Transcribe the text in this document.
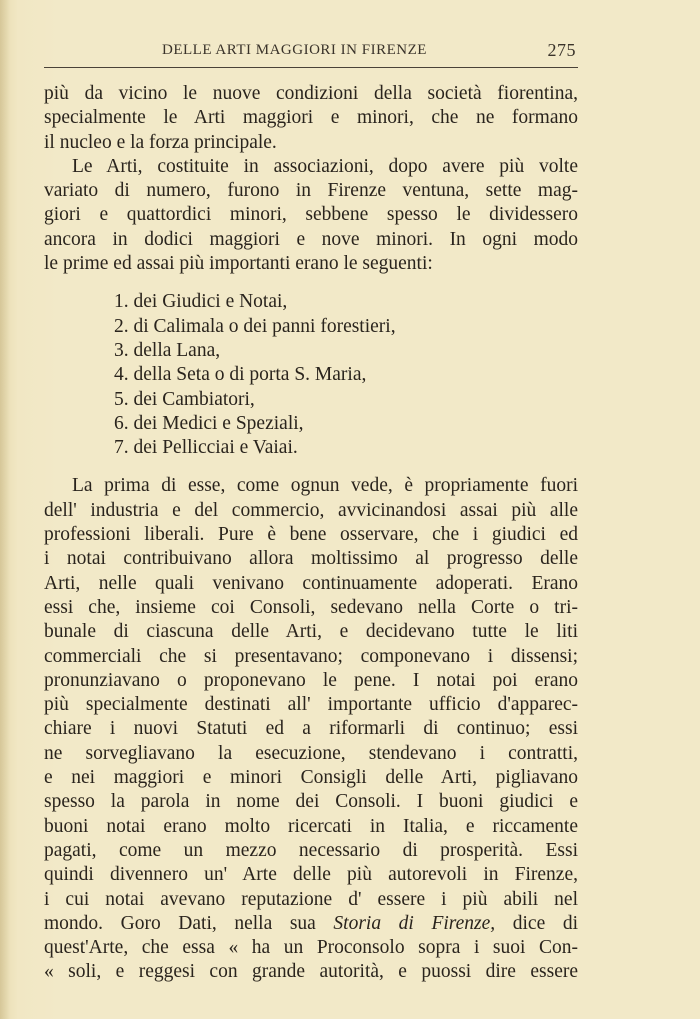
DELLE ARTI MAGGIORI IN FIRENZE	275
più da vicino le nuove condizioni della società fiorentina,
specialmente le Arti maggiori e minori, che ne formano
il nucleo e la forza principale.
Le Arti, costituite in associazioni, dopo avere più volte
variato di numero, furono in Firenze ventuna, sette mag-
giori e quattordici minori, sebbene spesso le dividessero
ancora in dodici maggiori e nove minori. In ogni modo
le prime ed assai più importanti erano le seguenti:
1. dei Giudici e Notai,
2. di Calimala o dei panni forestieri,
3. della Lana,
4. della Seta o di porta S. Maria,
5. dei Cambiatori,
6. dei Medici e Speziali,
7. dei Pellicciai e Vaiai.
La prima di esse, come ognun vede, è propriamente fuori
dell' industria e del commercio, avvicinandosi assai più alle
professioni liberali. Pure è bene osservare, che i giudici ed
i notai contribuivano allora moltissimo al progresso delle
Arti, nelle quali venivano continuamente adoperati. Erano
essi che, insieme coi Consoli, sedevano nella Corte o tri-
bunale di ciascuna delle Arti, e decidevano tutte le liti
commerciali che si presentavano; componevano i dissensi;
pronunziavano o proponevano le pene. I notai poi erano
più specialmente destinati all' importante ufficio d'apparec-
chiare i nuovi Statuti ed a riformarli di continuo; essi
ne sorvegliavano la esecuzione, stendevano i contratti,
e nei maggiori e minori Consigli delle Arti, pigliavano
spesso la parola in nome dei Consoli. I buoni giudici e
buoni notai erano molto ricercati in Italia, e riccamente
pagati, come un mezzo necessario di prosperità. Essi
quindi divennero un' Arte delle più autorevoli in Firenze,
i cui notai avevano reputazione d' essere i più abili nel
mondo. Goro Dati, nella sua Storia di Firenze, dice di
quest'Arte, che essa « ha un Proconsolo sopra i suoi Con-
« soli, e reggesi con grande autorità, e puossi dire essere
